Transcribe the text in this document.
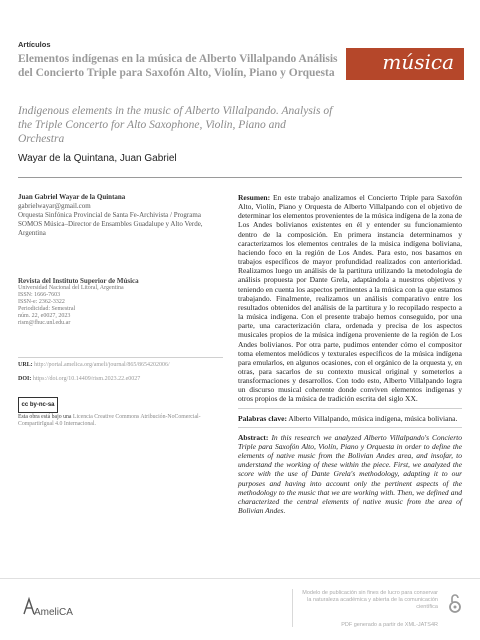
Artículos
Elementos indígenas en la música de Alberto Villalpando Análisis del Concierto Triple para Saxofón Alto, Violín, Piano y Orquesta
Indigenous elements in the music of Alberto Villalpando. Analysis of the Triple Concerto for Alto Saxophone, Violin, Piano and Orchestra
música
Wayar de la Quintana, Juan Gabriel
Juan Gabriel Wayar de la Quintana
gabrielwayar@gmail.com
Orquesta Sinfónica Provincial de Santa Fe-Archivista / Programa SOMOS Música–Director de Ensambles Guadalupe y Alto Verde, Argentina
Revista del Instituto Superior de Música
Universidad Nacional del Litoral, Argentina
ISSN: 1666-7603
ISSN-e: 2362-3322
Periodicidad: Semestral
núm. 22, e0027, 2023
rism@fhuc.unl.edu.ar
URL: http://portal.amelica.org/ameli/journal/865/8654202006/
DOI: https://doi.org/10.14409/rism.2023.22.e0027
cc by-nc-sa
Esta obra está bajo una Licencia Creative Commons Atribución-NoComercial-CompartirIgual 4.0 Internacional.

Resumen: En este trabajo analizamos el Concierto Triple para Saxofón Alto, Violín, Piano y Orquesta de Alberto Villalpando con el objetivo de determinar los elementos provenientes de la música indígena de la zona de Los Andes bolivianos existentes en él y entender su funcionamiento dentro de la composición. En primera instancia determinamos y caracterizamos los elementos centrales de la música indígena boliviana, haciendo foco en la región de Los Andes. Para esto, nos basamos en trabajos específicos de mayor profundidad realizados con anterioridad. Realizamos luego un análisis de la partitura utilizando la metodología de análisis propuesta por Dante Grela, adaptándola a nuestros objetivos y teniendo en cuenta los aspectos pertinentes a la música con la que estamos trabajando. Finalmente, realizamos un análisis comparativo entre los resultados obtenidos del análisis de la partitura y lo recopilado respecto a la música indígena. Con el presente trabajo hemos conseguido, por una parte, una caracterización clara, ordenada y precisa de los aspectos musicales propios de la música indígena proveniente de la región de Los Andes bolivianos. Por otra parte, pudimos entender cómo el compositor toma elementos melódicos y texturales específicos de la música indígena para emularlos, en algunos ocasiones, con el orgánico de la orquesta y, en otras, para sacarlos de su contexto musical original y someterlos a transformaciones y desarrollos. Con todo esto, Alberto Villalpando logra un discurso musical coherente donde conviven elementos indígenas y otros propios de la música de tradición escrita del siglo XX.

Palabras clave: Alberto Villalpando, música indígena, música boliviana.

Abstract: In this research we analyzed Alberto Villalpando's Concierto Triple para Saxofón Alto, Violín, Piano y Orquesta in order to define the elements of native music from the Bolivian Andes area, and insofar, to understand the working of these within the piece. First, we analyzed the score with the use of Dante Grela's methodology, adapting it to our purposes and having into account only the pertinent aspects of the methodology to the music that we are working with. Then, we defined and characterized the central elements of native music from the area of Bolivian Andes.

AmeliCA
Modelo de publicación sin fines de lucro para conservar la naturaleza académica y abierta de la comunicación científica
PDF generado a partir de XML-JATS4R
